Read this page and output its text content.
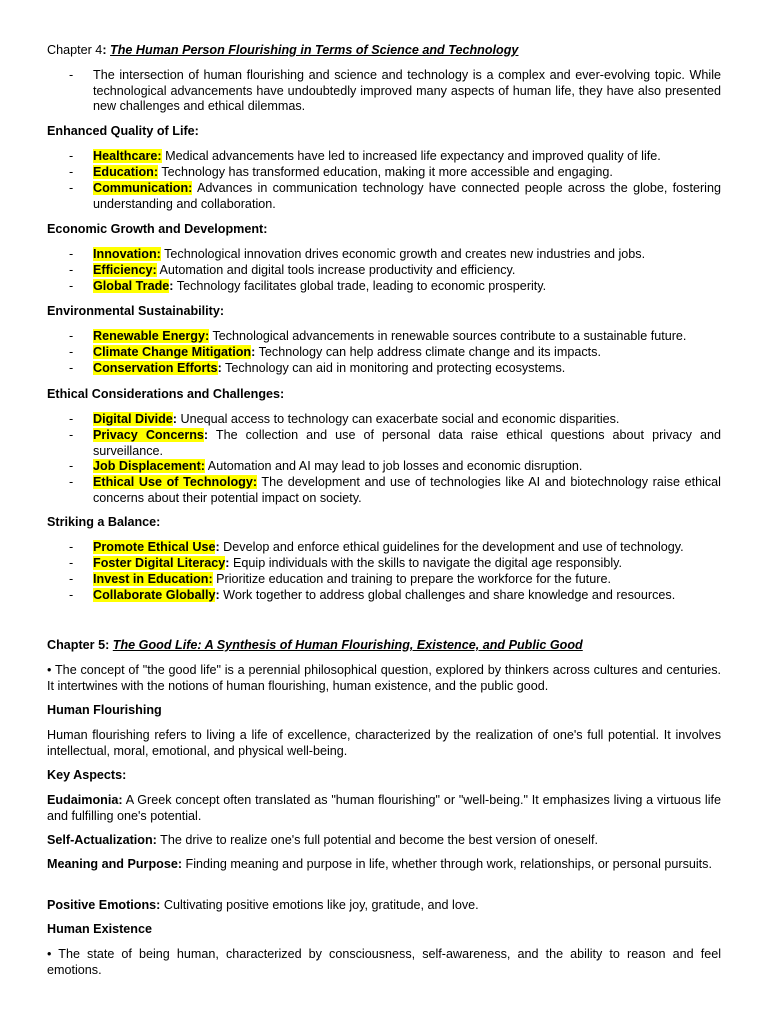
Chapter 4: The Human Person Flourishing in Terms of Science and Technology
- The intersection of human flourishing and science and technology is a complex and ever-evolving topic. While technological advancements have undoubtedly improved many aspects of human life, they have also presented new challenges and ethical dilemmas.
Enhanced Quality of Life:
- Healthcare: Medical advancements have led to increased life expectancy and improved quality of life.
- Education: Technology has transformed education, making it more accessible and engaging.
- Communication: Advances in communication technology have connected people across the globe, fostering understanding and collaboration.
Economic Growth and Development:
- Innovation: Technological innovation drives economic growth and creates new industries and jobs.
- Efficiency: Automation and digital tools increase productivity and efficiency.
- Global Trade: Technology facilitates global trade, leading to economic prosperity.
Environmental Sustainability:
- Renewable Energy: Technological advancements in renewable sources contribute to a sustainable future.
- Climate Change Mitigation: Technology can help address climate change and its impacts.
- Conservation Efforts: Technology can aid in monitoring and protecting ecosystems.
Ethical Considerations and Challenges:
- Digital Divide: Unequal access to technology can exacerbate social and economic disparities.
- Privacy Concerns: The collection and use of personal data raise ethical questions about privacy and surveillance.
- Job Displacement: Automation and AI may lead to job losses and economic disruption.
- Ethical Use of Technology: The development and use of technologies like AI and biotechnology raise ethical concerns about their potential impact on society.
Striking a Balance:
- Promote Ethical Use: Develop and enforce ethical guidelines for the development and use of technology.
- Foster Digital Literacy: Equip individuals with the skills to navigate the digital age responsibly.
- Invest in Education: Prioritize education and training to prepare the workforce for the future.
- Collaborate Globally: Work together to address global challenges and share knowledge and resources.
Chapter 5: The Good Life: A Synthesis of Human Flourishing, Existence, and Public Good
• The concept of "the good life" is a perennial philosophical question, explored by thinkers across cultures and centuries. It intertwines with the notions of human flourishing, human existence, and the public good.
Human Flourishing
Human flourishing refers to living a life of excellence, characterized by the realization of one's full potential. It involves intellectual, moral, emotional, and physical well-being.
Key Aspects:
Eudaimonia: A Greek concept often translated as "human flourishing" or "well-being." It emphasizes living a virtuous life and fulfilling one's potential.
Self-Actualization: The drive to realize one's full potential and become the best version of oneself.
Meaning and Purpose: Finding meaning and purpose in life, whether through work, relationships, or personal pursuits.
Positive Emotions: Cultivating positive emotions like joy, gratitude, and love.
Human Existence
• The state of being human, characterized by consciousness, self-awareness, and the ability to reason and feel emotions.
